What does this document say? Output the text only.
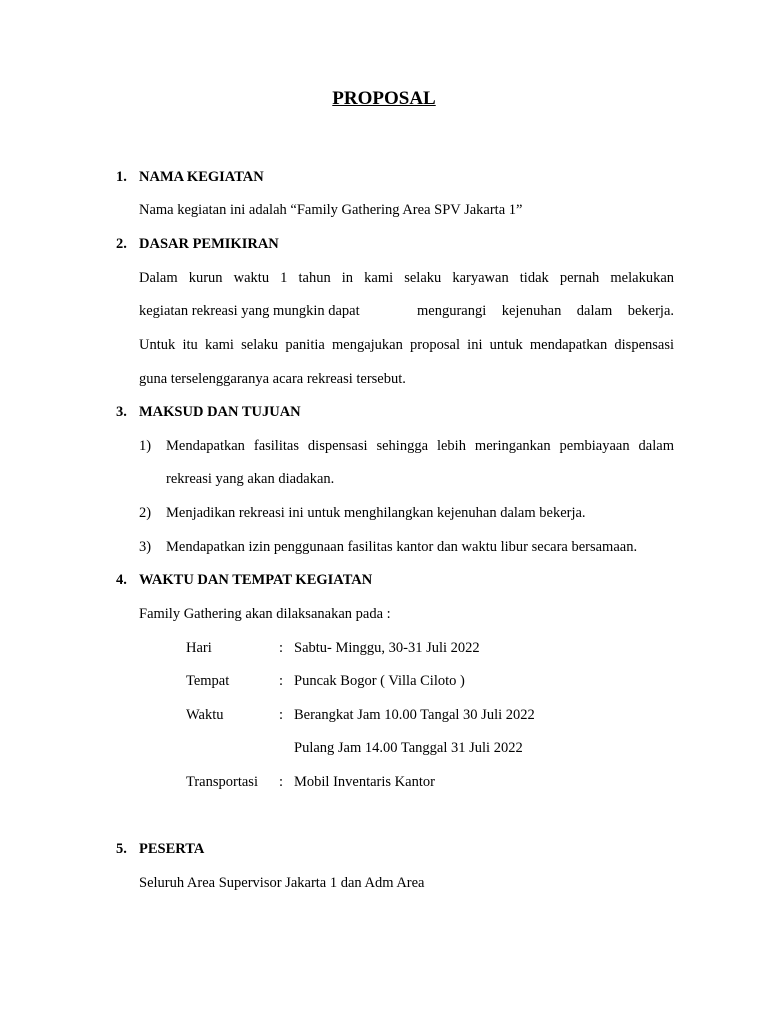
PROPOSAL
1. NAMA KEGIATAN
Nama kegiatan ini adalah “Family Gathering Area SPV Jakarta 1”
2. DASAR PEMIKIRAN
Dalam kurun waktu 1 tahun in kami selaku karyawan tidak pernah melakukan
kegiatan rekreasi yang mungkin dapat	mengurangi kejenuhan dalam bekerja.
Untuk itu kami selaku panitia mengajukan proposal ini untuk mendapatkan dispensasi
guna terselenggaranya acara rekreasi tersebut.
3. MAKSUD DAN TUJUAN
1) Mendapatkan fasilitas dispensasi sehingga lebih meringankan pembiayaan dalam
rekreasi yang akan diadakan.
2) Menjadikan rekreasi ini untuk menghilangkan kejenuhan dalam bekerja.
3) Mendapatkan izin penggunaan fasilitas kantor dan waktu libur secara bersamaan.
4. WAKTU DAN TEMPAT KEGIATAN
Family Gathering akan dilaksanakan pada :
Hari	: Sabtu- Minggu, 30-31 Juli 2022
Tempat	: Puncak Bogor ( Villa Ciloto )
Waktu	: Berangkat Jam 10.00 Tangal 30 Juli 2022
Pulang Jam 14.00 Tanggal 31 Juli 2022
Transportasi : Mobil Inventaris Kantor
5. PESERTA
Seluruh Area Supervisor Jakarta 1 dan Adm Area
